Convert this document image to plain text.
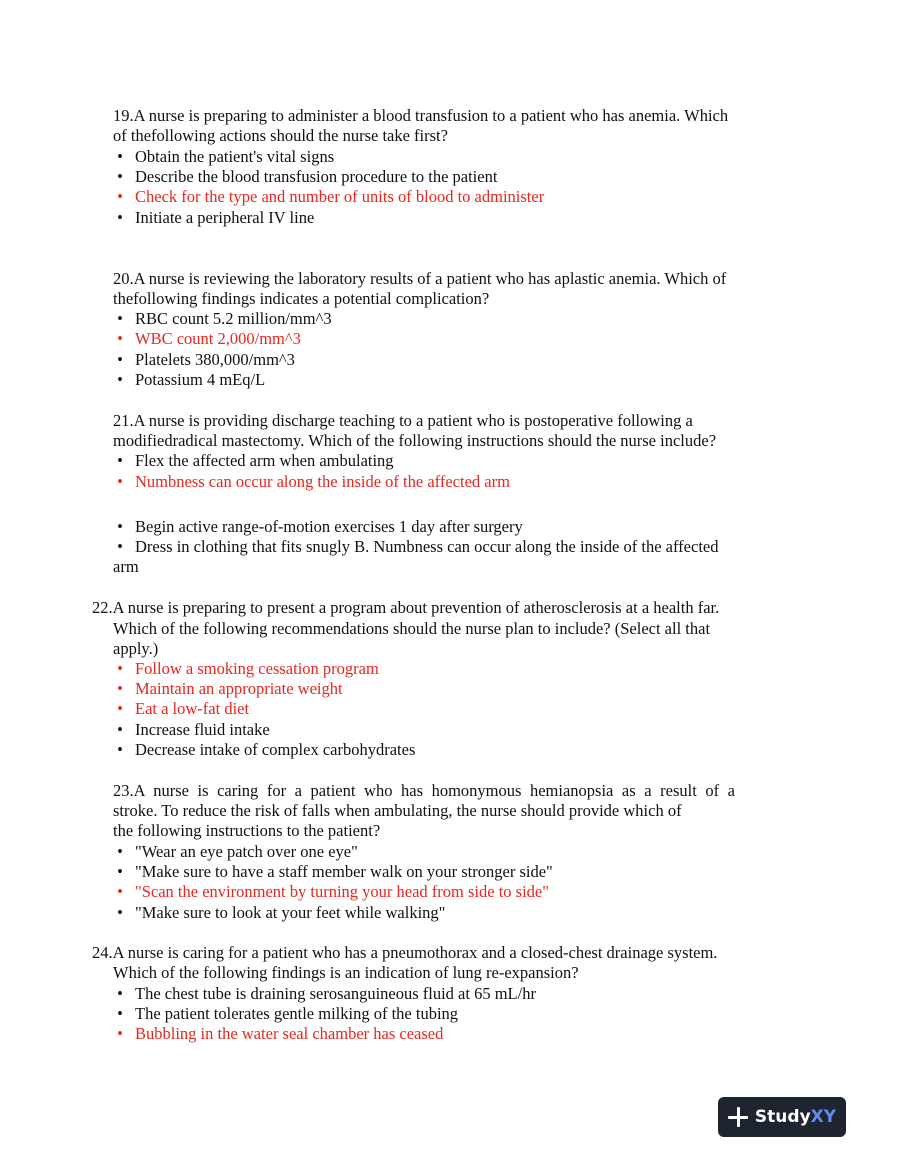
19.A nurse is preparing to administer a blood transfusion to a patient who has anemia. Which
of thefollowing actions should the nurse take first?
• Obtain the patient's vital signs
• Describe the blood transfusion procedure to the patient
• Check for the type and number of units of blood to administer
• Initiate a peripheral IV line
20.A nurse is reviewing the laboratory results of a patient who has aplastic anemia. Which of
thefollowing findings indicates a potential complication?
• RBC count 5.2 million/mm^3
• WBC count 2,000/mm^3
• Platelets 380,000/mm^3
• Potassium 4 mEq/L
21.A nurse is providing discharge teaching to a patient who is postoperative following a
modifiedradical mastectomy. Which of the following instructions should the nurse include?
• Flex the affected arm when ambulating
• Numbness can occur along the inside of the affected arm
• Begin active range-of-motion exercises 1 day after surgery
• Dress in clothing that fits snugly B. Numbness can occur along the inside of the affected
arm
22.A nurse is preparing to present a program about prevention of atherosclerosis at a health far.
Which of the following recommendations should the nurse plan to include? (Select all that
apply.)
• Follow a smoking cessation program
• Maintain an appropriate weight
• Eat a low-fat diet
• Increase fluid intake
• Decrease intake of complex carbohydrates
23.A nurse is caring for a patient who has homonymous hemianopsia as a result of a
stroke. To reduce the risk of falls when ambulating, the nurse should provide which of
the following instructions to the patient?
• "Wear an eye patch over one eye"
• "Make sure to have a staff member walk on your stronger side"
• "Scan the environment by turning your head from side to side"
• "Make sure to look at your feet while walking"
24.A nurse is caring for a patient who has a pneumothorax and a closed-chest drainage system.
Which of the following findings is an indication of lung re-expansion?
• The chest tube is draining serosanguineous fluid at 65 mL/hr
• The patient tolerates gentle milking of the tubing
• Bubbling in the water seal chamber has ceased
Study XY
